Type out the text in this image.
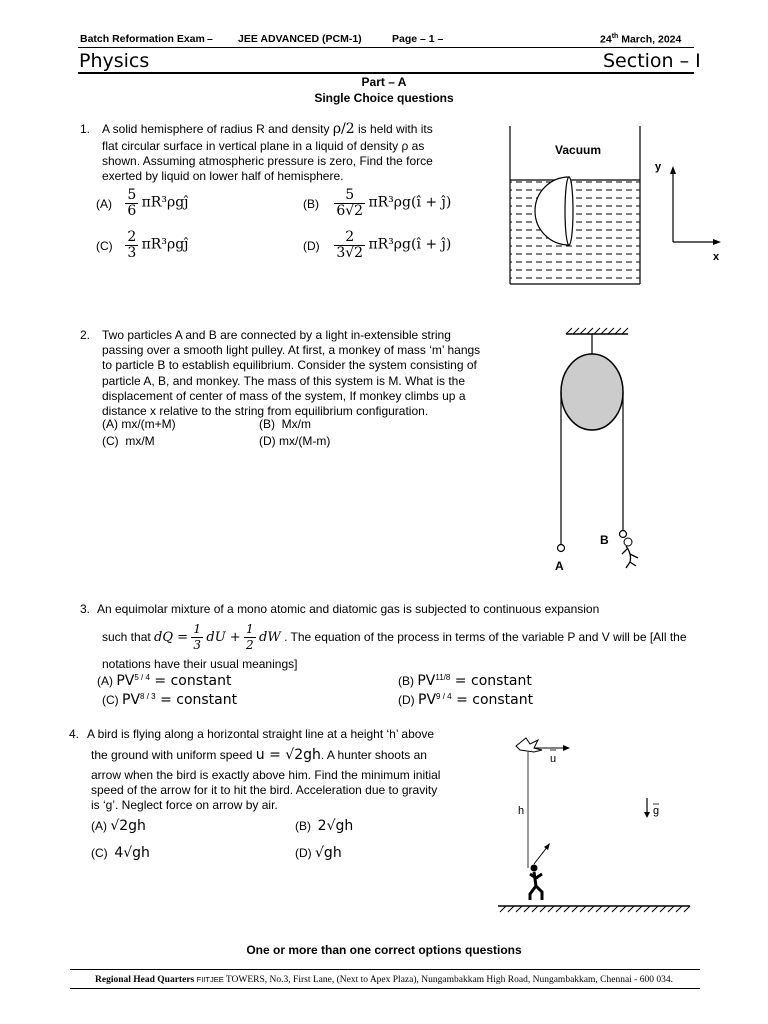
Batch Reformation Exam – JEE ADVANCED (PCM-1)	Page – 1 –	24th March, 2024
Physics	Section – I
Part – A
Single Choice questions
1. A solid hemisphere of radius R and density ρ/2 is held with its
flat circular surface in vertical plane in a liquid of density ρ as
shown. Assuming atmospheric pressure is zero, Find the force
exerted by liquid on lower half of hemisphere.
$(A) \frac{5}{6}$ πR³ρgĵ	$(B) \frac{5}{6√2}$ πR³ρg(î + ĵ)
$(C) \frac{2}{3}$ πR³ρgĵ	$(D) \frac{2}{3√2}$ πR³ρg(î + ĵ)
Vacuum
y
x
2. Two particles A and B are connected by a light in-extensible string
passing over a smooth light pulley. At first, a monkey of mass ‘m’ hangs
to particle B to establish equilibrium. Consider the system consisting of
particle A, B, and monkey. The mass of this system is M. What is the
displacement of center of mass of the system, If monkey climbs up a
distance x relative to the string from equilibrium configuration.
(A) mx/(m+M)	(B) Mx/m
(C) mx/M	(D) mx/(M-m)
A
B
3. An equimolar mixture of a mono atomic and diatomic gas is subjected to continuous expansion
such that dQ = $\frac{1}{3}$ dU + $\frac{1}{2}$ dW . The equation of the process in terms of the variable P and V will be [All the
notations have their usual meanings]
(A) $PV^{5 / 4}$ = constant	(B) $PV^{11/8}$ = constant
(C) $PV^{8 / 3}$ = constant	(D) $PV^{9 / 4}$ = constant
4. A bird is flying along a horizontal straight line at a height ‘h’ above
the ground with uniform speed u = √2gh. A hunter shoots an
arrow when the bird is exactly above him. Find the minimum initial
speed of the arrow for it to hit the bird. Acceleration due to gravity
is ‘g’. Neglect force on arrow by air.
(A) √2gh	(B) 2√gh
(C) 4√gh	(D) √gh
u
h	g
One or more than one correct options questions
Regional Head Quarters FIITJEE TOWERS, No.3, First Lane, (Next to Apex Plaza), Nungambakkam High Road, Nungambakkam, Chennai - 600 034.
